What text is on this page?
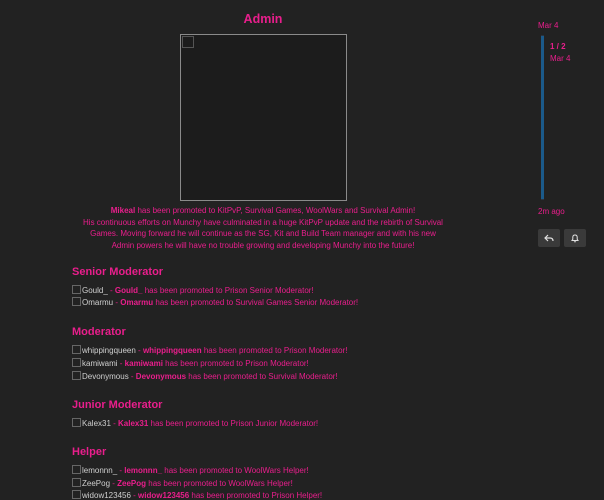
Admin
Mikeal has been promoted to KitPvP, Survival Games, WoolWars and Survival Admin!
His continuous efforts on Munchy have culminated in a huge KitPvP update and the rebirth of Survival
Games. Moving forward he will continue as the SG, Kit and Build Team manager and with his new
Admin powers he will have no trouble growing and developing Munchy into the future!
Senior Moderator
Gould_ - Gould_ has been promoted to Prison Senior Moderator!
Omarmu - Omarmu has been promoted to Survival Games Senior Moderator!
Moderator
whippingqueen - whippingqueen has been promoted to Prison Moderator!
kamiwami - kamiwami has been promoted to Prison Moderator!
Devonymous - Devonymous has been promoted to Survival Moderator!
Junior Moderator
Kalex31 - Kalex31 has been promoted to Prison Junior Moderator!
Helper
lemonnn_ - lemonnn_ has been promoted to WoolWars Helper!
ZeePog - ZeePog has been promoted to WoolWars Helper!
widow123456 - widow123456 has been promoted to Prison Helper!
Mar 4
1 / 2
Mar 4
2m ago
